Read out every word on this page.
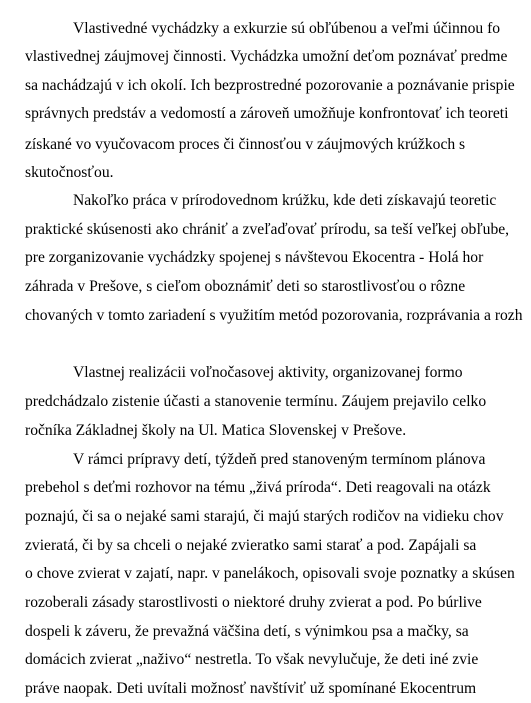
Vlastivedné vychádzky a exkurzie sú obľúbenou a veľmi účinnou fo
vlastivednej záujmovej činnosti. Vychádzka umožní deťom poznávať predme
sa nachádzajú v ich okolí. Ich bezprostredné pozorovanie a poznávanie prispie
správnych predstáv a vedomostí a zároveň umožňuje konfrontovať ich teoreti
získané vo vyučovacom proces či činnosťou v záujmových krúžkoch s
skutočnosťou.
Nakoľko práca v prírodovednom krúžku, kde deti získavajú teoretic
praktické skúsenosti ako chrániť a zveľaďovať prírodu, sa teší veľkej obľube,
pre zorganizovanie vychádzky spojenej s návštevou Ekocentra - Holá hor
záhrada v Prešove, s cieľom oboznámiť deti so starostlivosťou o rôzne
chovaných v tomto zariadení s využitím metód pozorovania, rozprávania a rozh
Vlastnej realizácii voľnočasovej aktivity, organizovanej formo
predchádzalo zistenie účasti a stanovenie termínu. Záujem prejavilo celko
ročníka Základnej školy na Ul. Matica Slovenskej v Prešove.
V rámci prípravy detí, týždeň pred stanoveným termínom plánova
prebehol s deťmi rozhovor na tému „živá príroda“. Deti reagovali na otázk
poznajú, či sa o nejaké sami starajú, či majú starých rodičov na vidieku chov
zvieratá, či by sa chceli o nejaké zvieratko sami starať a pod. Zapájali sa
o chove zvierat v zajatí, napr. v panelákoch, opisovali svoje poznatky a skúsen
rozoberali zásady starostlivosti o niektoré druhy zvierat a pod. Po búrlive
dospeli k záveru, že prevažná väčšina detí, s výnimkou psa a mačky, sa
domácich zvierat „naživo“ nestretla. To však nevylučuje, že deti iné zvie
práve naopak. Deti uvítali možnosť navštíviť už spomínané Ekocentrum
